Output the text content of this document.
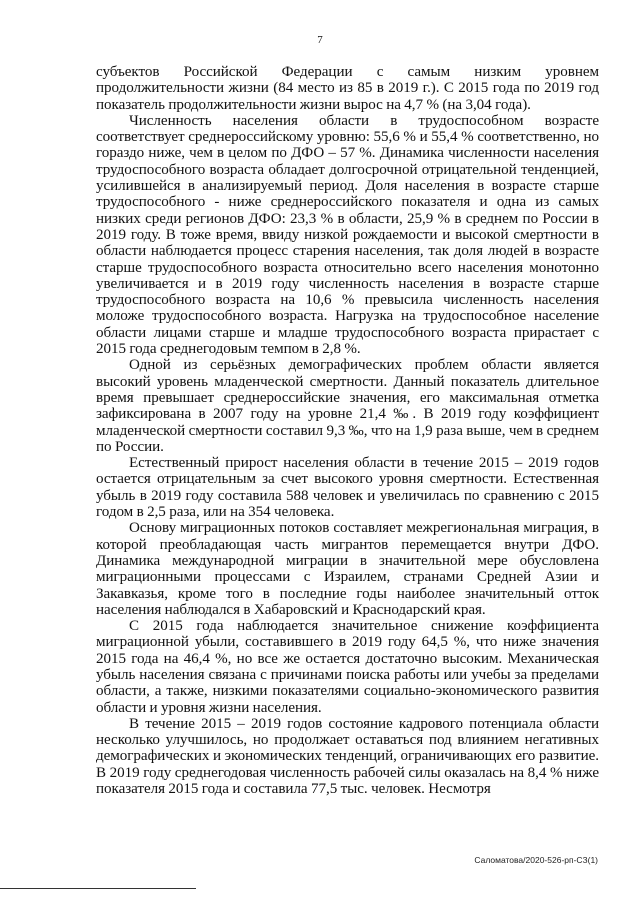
7

субъектов Российской Федерации с самым низким уровнем продолжительности жизни (84 место из 85 в 2019 г.). С 2015 года по 2019 год показатель продолжительности жизни вырос на 4,7 % (на 3,04 года).

Численность населения области в трудоспособном возрасте соответствует среднероссийскому уровню: 55,6 % и 55,4 % соответственно, но гораздо ниже, чем в целом по ДФО – 57 %. Динамика численности населения трудоспособного возраста обладает долгосрочной отрицательной тенденцией, усилившейся в анализируемый период. Доля населения в возрасте старше трудоспособного - ниже среднероссийского показателя и одна из самых низких среди регионов ДФО: 23,3 % в области, 25,9 % в среднем по России в 2019 году. В тоже время, ввиду низкой рождаемости и высокой смертности в области наблюдается процесс старения населения, так доля людей в возрасте старше трудоспособного возраста относительно всего населения монотонно увеличивается и в 2019 году численность населения в возрасте старше трудоспособного возраста на 10,6 % превысила численность населения моложе трудоспособного возраста. Нагрузка на трудоспособное население области лицами старше и младше трудоспособного возраста прирастает с 2015 года среднегодовым темпом в 2,8 %.

Одной из серьёзных демографических проблем области является высокий уровень младенческой смертности. Данный показатель длительное время превышает среднероссийские значения, его максимальная отметка зафиксирована в 2007 году на уровне 21,4 ‰. В 2019 году коэффициент младенческой смертности составил 9,3 ‰, что на 1,9 раза выше, чем в среднем по России.

Естественный прирост населения области в течение 2015 – 2019 годов остается отрицательным за счет высокого уровня смертности. Естественная убыль в 2019 году составила 588 человек и увеличилась по сравнению с 2015 годом в 2,5 раза, или на 354 человека.

Основу миграционных потоков составляет межрегиональная миграция, в которой преобладающая часть мигрантов перемещается внутри ДФО. Динамика международной миграции в значительной мере обусловлена миграционными процессами с Израилем, странами Средней Азии и Закавказья, кроме того в последние годы наиболее значительный отток населения наблюдался в Хабаровский и Краснодарский края.

С 2015 года наблюдается значительное снижение коэффициента миграционной убыли, составившего в 2019 году 64,5 %, что ниже значения 2015 года на 46,4 %, но все же остается достаточно высоким. Механическая убыль населения связана с причинами поиска работы или учебы за пределами области, а также, низкими показателями социально-экономического развития области и уровня жизни населения.

В течение 2015 – 2019 годов состояние кадрового потенциала области несколько улучшилось, но продолжает оставаться под влиянием негативных демографических и экономических тенденций, ограничивающих его развитие. В 2019 году среднегодовая численность рабочей силы оказалась на 8,4 % ниже показателя 2015 года и составила 77,5 тыс. человек. Несмотря

Саломатова/2020-526-рп-СЗ(1)
